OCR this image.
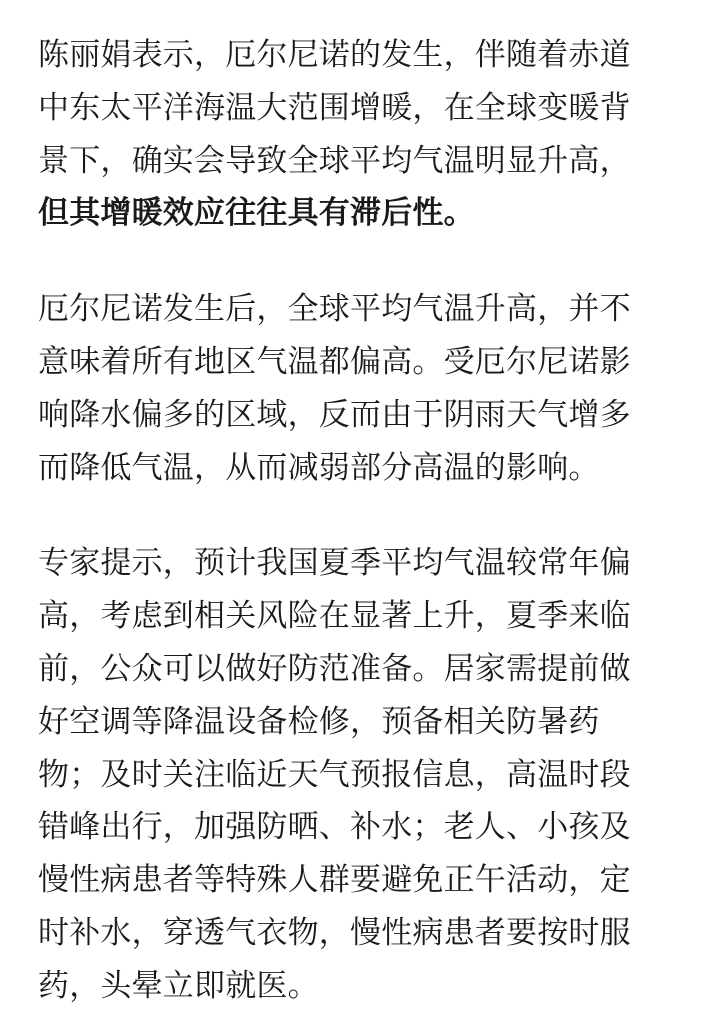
陈丽娟表示，厄尔尼诺的发生，伴随着赤道
中东太平洋海温大范围增暖，在全球变暖背
景下，确实会导致全球平均气温明显升高，
但其增暖效应往往具有滞后性。

厄尔尼诺发生后，全球平均气温升高，并不
意味着所有地区气温都偏高。受厄尔尼诺影
响降水偏多的区域，反而由于阴雨天气增多
而降低气温，从而减弱部分高温的影响。

专家提示，预计我国夏季平均气温较常年偏
高，考虑到相关风险在显著上升，夏季来临
前，公众可以做好防范准备。居家需提前做
好空调等降温设备检修，预备相关防暑药
物；及时关注临近天气预报信息，高温时段
错峰出行，加强防晒、补水；老人、小孩及
慢性病患者等特殊人群要避免正午活动，定
时补水，穿透气衣物，慢性病患者要按时服
药，头晕立即就医。
